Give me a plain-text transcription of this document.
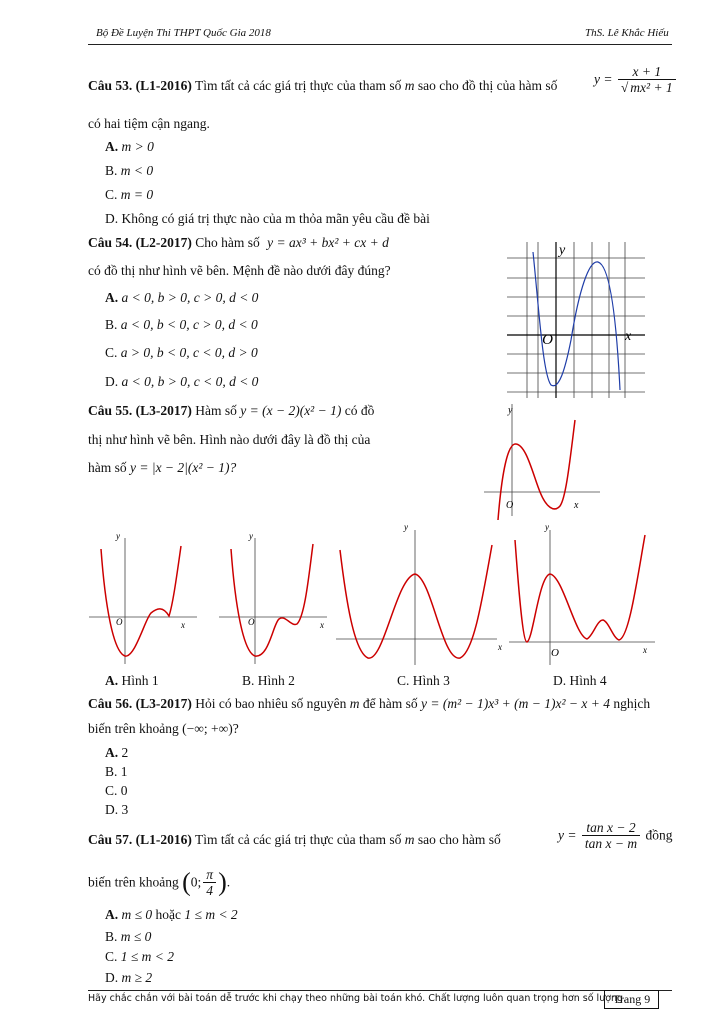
Bộ Đề Luyện Thi THPT Quốc Gia 2018	ThS. Lê Khắc Hiếu
Câu 53. (L1-2016) Tìm tất cả các giá trị thực của tham số m sao cho đồ thị của hàm số	$y = \frac{x + 1}{\text{√ mx² + 1}}$
có hai tiệm cận ngang.
A. m > 0
B. m < 0
C. m = 0
D. Không có giá trị thực nào của m thỏa mãn yêu cầu đề bài
Câu 54. (L2-2017) Cho hàm số y = ax³ + bx² + cx + d
có đồ thị như hình vẽ bên. Mệnh đề nào dưới đây đúng?
A. a < 0, b > 0, c > 0, d < 0
B. a < 0, b < 0, c > 0, d < 0
C. a > 0, b < 0, c < 0, d > 0
D. a < 0, b > 0, c < 0, d < 0
y
x
O
Câu 55. (L3-2017) Hàm số y = (x − 2)(x² − 1) có đồ
thị như hình vẽ bên. Hình nào dưới đây là đồ thị của
hàm số y = |x − 2|(x² − 1)?
y
x
O
y
x
O
y
x
O
y
x
y
x
O
A. Hình 1	B. Hình 2	C. Hình 3	D. Hình 4
Câu 56. (L3-2017) Hỏi có bao nhiêu số nguyên m để hàm số y = (m² − 1)x³ + (m − 1)x² − x + 4 nghịch
biến trên khoảng (−∞; +∞)?
A. 2
B. 1
C. 0
D. 3
Câu 57. (L1-2016) Tìm tất cả các giá trị thực của tham số m sao cho hàm số	$y = \frac{\text{tan x − 2}}{\text{tan x − m}}$ đồng
biến trên khoảng (0; $\frac{\pi}{4}$ ).
A. m ≤ 0 hoặc 1 ≤ m < 2
B. m ≤ 0
C. 1 ≤ m < 2
D. m ≥ 2
Hãy chắc chắn với bài toán dễ trước khi chạy theo những bài toán khó. Chất lượng luôn quan trọng hơn số lượng.
Trang 9
